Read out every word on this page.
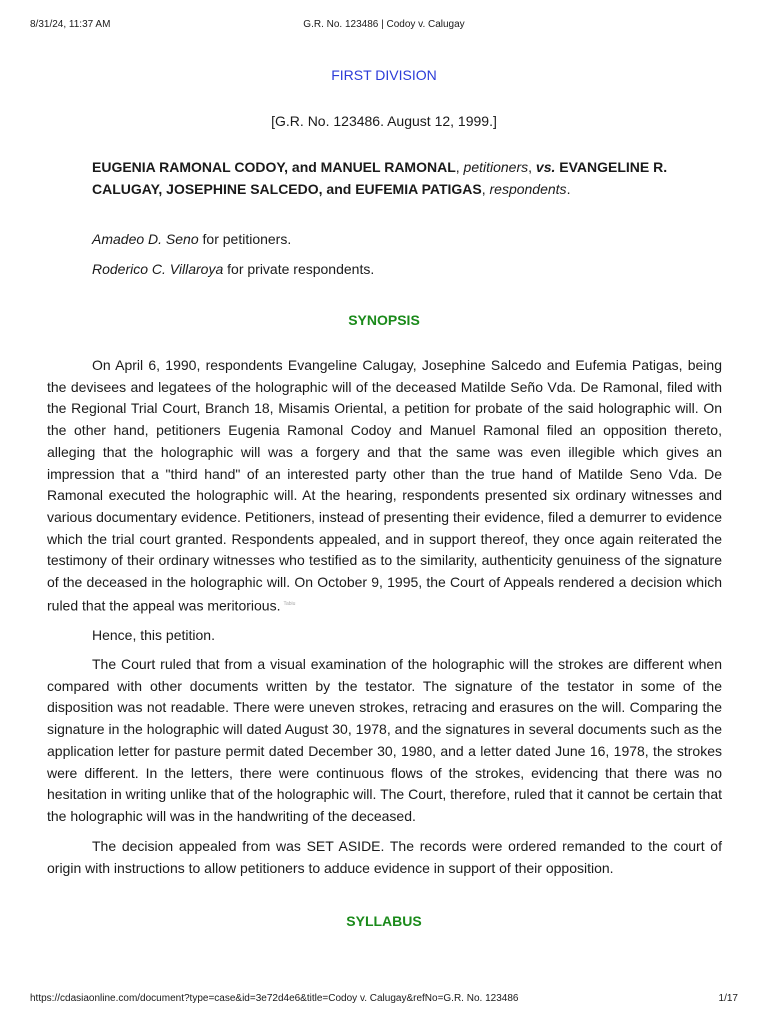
8/31/24, 11:37 AM	G.R. No. 123486 | Codoy v. Calugay
FIRST DIVISION
[G.R. No. 123486. August 12, 1999.]
EUGENIA RAMONAL CODOY, and MANUEL RAMONAL, petitioners, vs. EVANGELINE R. CALUGAY, JOSEPHINE SALCEDO, and EUFEMIA PATIGAS, respondents.
Amadeo D. Seno for petitioners.
Roderico C. Villaroya for private respondents.
SYNOPSIS

On April 6, 1990, respondents Evangeline Calugay, Josephine Salcedo and Eufemia Patigas, being the devisees and legatees of the holographic will of the deceased Matilde Seño Vda. De Ramonal, filed with the Regional Trial Court, Branch 18, Misamis Oriental, a petition for probate of the said holographic will. On the other hand, petitioners Eugenia Ramonal Codoy and Manuel Ramonal filed an opposition thereto, alleging that the holographic will was a forgery and that the same was even illegible which gives an impression that a "third hand" of an interested party other than the true hand of Matilde Seno Vda. De Ramonal executed the holographic will. At the hearing, respondents presented six ordinary witnesses and various documentary evidence. Petitioners, instead of presenting their evidence, filed a demurrer to evidence which the trial court granted. Respondents appealed, and in support thereof, they once again reiterated the testimony of their ordinary witnesses who testified as to the similarity, authenticity genuiness of the signature of the deceased in the holographic will. On October 9, 1995, the Court of Appeals rendered a decision which ruled that the appeal was meritorious. $^{Tabiu}$

Hence, this petition.

The Court ruled that from a visual examination of the holographic will the strokes are different when compared with other documents written by the testator. The signature of the testator in some of the disposition was not readable. There were uneven strokes, retracing and erasures on the will. Comparing the signature in the holographic will dated August 30, 1978, and the signatures in several documents such as the application letter for pasture permit dated December 30, 1980, and a letter dated June 16, 1978, the strokes were different. In the letters, there were continuous flows of the strokes, evidencing that there was no hesitation in writing unlike that of the holographic will. The Court, therefore, ruled that it cannot be certain that the holographic will was in the handwriting of the deceased.

The decision appealed from was SET ASIDE. The records were ordered remanded to the court of origin with instructions to allow petitioners to adduce evidence in support of their opposition.

SYLLABUS
https://cdasiaonline.com/document?type=case&id=3e72d4e6&title=Codoy v. Calugay&refNo=G.R. No. 123486	1/17
